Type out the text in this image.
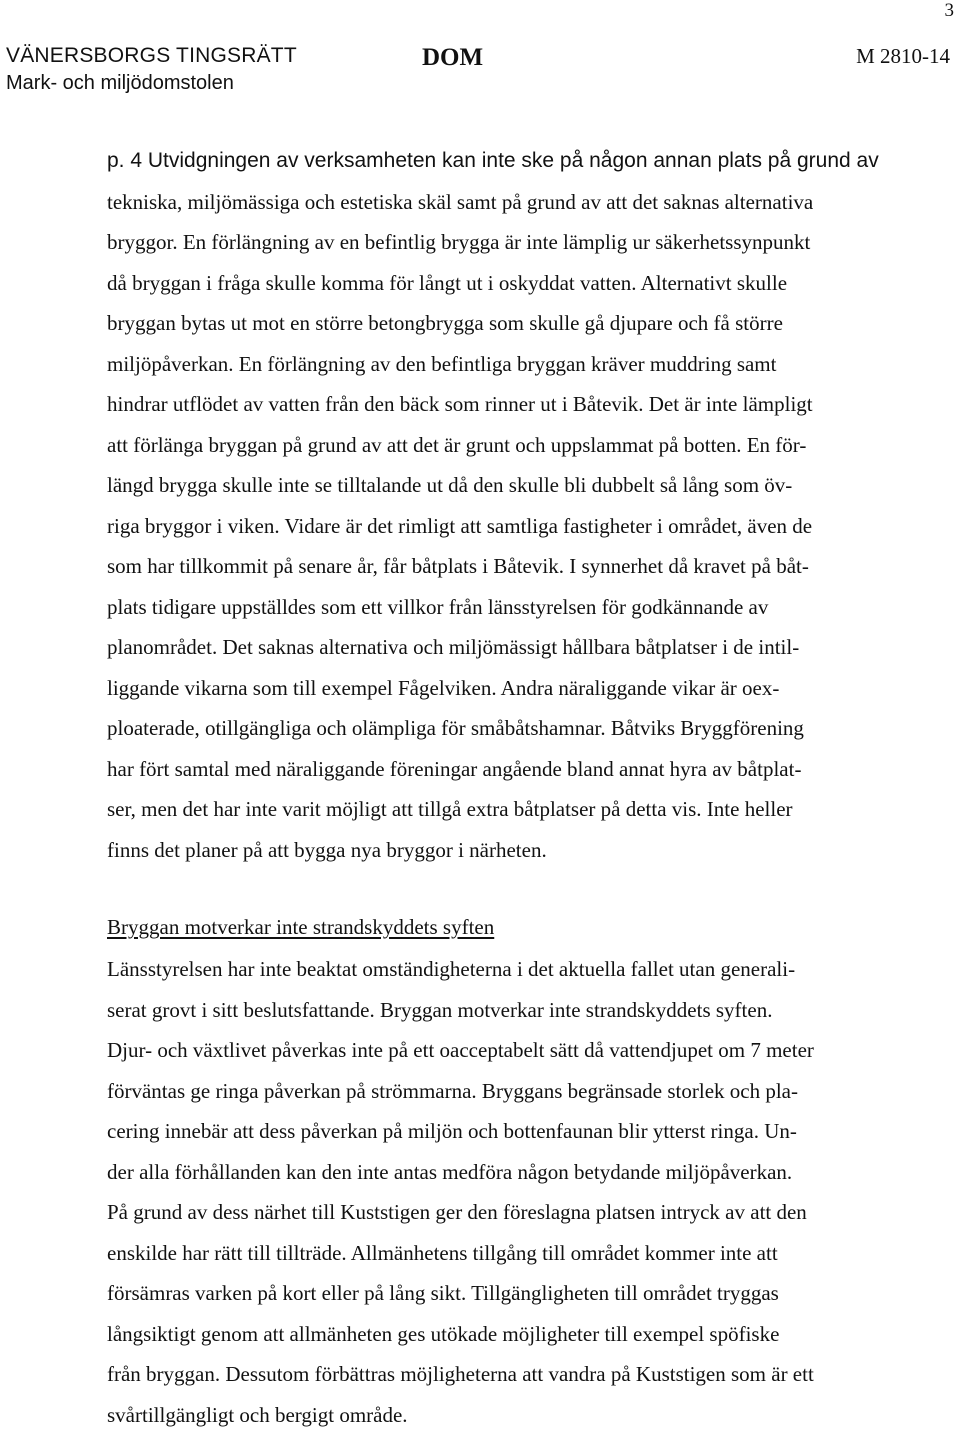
3
VÄNERSBORGS TINGSRÄTT
Mark- och miljödomstolen
DOM	M 2810-14
p. 4 Utvidgningen av verksamheten kan inte ske på någon annan plats på grund av
tekniska, miljömässiga och estetiska skäl samt på grund av att det saknas alternativa
bryggor. En förlängning av en befintlig brygga är inte lämplig ur säkerhetssynpunkt
då bryggan i fråga skulle komma för långt ut i oskyddat vatten. Alternativt skulle
bryggan bytas ut mot en större betongbrygga som skulle gå djupare och få större
miljöpåverkan. En förlängning av den befintliga bryggan kräver muddring samt
hindrar utflödet av vatten från den bäck som rinner ut i Båtevik. Det är inte lämpligt
att förlänga bryggan på grund av att det är grunt och uppslammat på botten. En för-
längd brygga skulle inte se tilltalande ut då den skulle bli dubbelt så lång som öv-
riga bryggor i viken. Vidare är det rimligt att samtliga fastigheter i området, även de
som har tillkommit på senare år, får båtplats i Båtevik. I synnerhet då kravet på båt-
plats tidigare uppställdes som ett villkor från länsstyrelsen för godkännande av
planområdet. Det saknas alternativa och miljömässigt hållbara båtplatser i de intil-
liggande vikarna som till exempel Fågelviken. Andra näraliggande vikar är oex-
ploaterade, otillgängliga och olämpliga för småbåtshamnar. Båtviks Bryggförening
har fört samtal med näraliggande föreningar angående bland annat hyra av båtplat-
ser, men det har inte varit möjligt att tillgå extra båtplatser på detta vis. Inte heller
finns det planer på att bygga nya bryggor i närheten.
Bryggan motverkar inte strandskyddets syften
Länsstyrelsen har inte beaktat omständigheterna i det aktuella fallet utan generali-
serat grovt i sitt beslutsfattande. Bryggan motverkar inte strandskyddets syften.
Djur- och växtlivet påverkas inte på ett oacceptabelt sätt då vattendjupet om 7 meter
förväntas ge ringa påverkan på strömmarna. Bryggans begränsade storlek och pla-
cering innebär att dess påverkan på miljön och bottenfaunan blir ytterst ringa. Un-
der alla förhållanden kan den inte antas medföra någon betydande miljöpåverkan.
På grund av dess närhet till Kuststigen ger den föreslagna platsen intryck av att den
enskilde har rätt till tillträde. Allmänhetens tillgång till området kommer inte att
försämras varken på kort eller på lång sikt. Tillgängligheten till området tryggas
långsiktigt genom att allmänheten ges utökade möjligheter till exempel spöfiske
från bryggan. Dessutom förbättras möjligheterna att vandra på Kuststigen som är ett
svårtillgängligt och bergigt område.
